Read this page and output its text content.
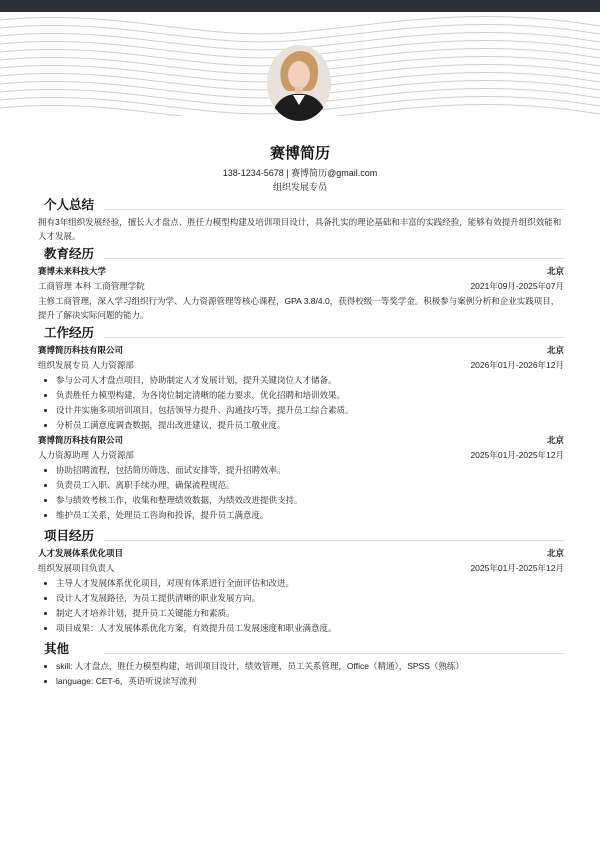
赛博简历
138-1234-5678 | 赛博简历@gmail.com
组织发展专员
个人总结

拥有3年组织发展经验，擅长人才盘点、胜任力模型构建及培训项目设计，具备扎实的理论基础和丰富的实践经验，能够有效提升组织效能和人才发展。

教育经历
赛博未来科技大学	北京
工商管理 本科 工商管理学院	2021年09月-2025年07月

主修工商管理，深入学习组织行为学、人力资源管理等核心课程，GPA 3.8/4.0，获得校级一等奖学金。积极参与案例分析和企业实践项目，提升了解决实际问题的能力。

工作经历
赛博简历科技有限公司	北京
组织发展专员 人力资源部	2026年01月-2026年12月
• 参与公司人才盘点项目，协助制定人才发展计划，提升关键岗位人才储备。
• 负责胜任力模型构建，为各岗位制定清晰的能力要求，优化招聘和培训效果。
• 设计并实施多项培训项目，包括领导力提升、沟通技巧等，提升员工综合素质。
• 分析员工满意度调查数据，提出改进建议，提升员工敬业度。
赛博简历科技有限公司	北京
人力资源助理 人力资源部	2025年01月-2025年12月
• 协助招聘流程，包括简历筛选、面试安排等，提升招聘效率。
• 负责员工入职、离职手续办理，确保流程规范。
• 参与绩效考核工作，收集和整理绩效数据，为绩效改进提供支持。
• 维护员工关系，处理员工咨询和投诉，提升员工满意度。
项目经历
人才发展体系优化项目	北京
组织发展项目负责人	2025年01月-2025年12月
• 主导人才发展体系优化项目，对现有体系进行全面评估和改进。
• 设计人才发展路径，为员工提供清晰的职业发展方向。
• 制定人才培养计划，提升员工关键能力和素质。
• 项目成果：人才发展体系优化方案，有效提升员工发展速度和职业满意度。
其他
• skill: 人才盘点，胜任力模型构建，培训项目设计，绩效管理，员工关系管理，Office（精通），SPSS（熟练）
• language: CET-6，英语听说读写流利
